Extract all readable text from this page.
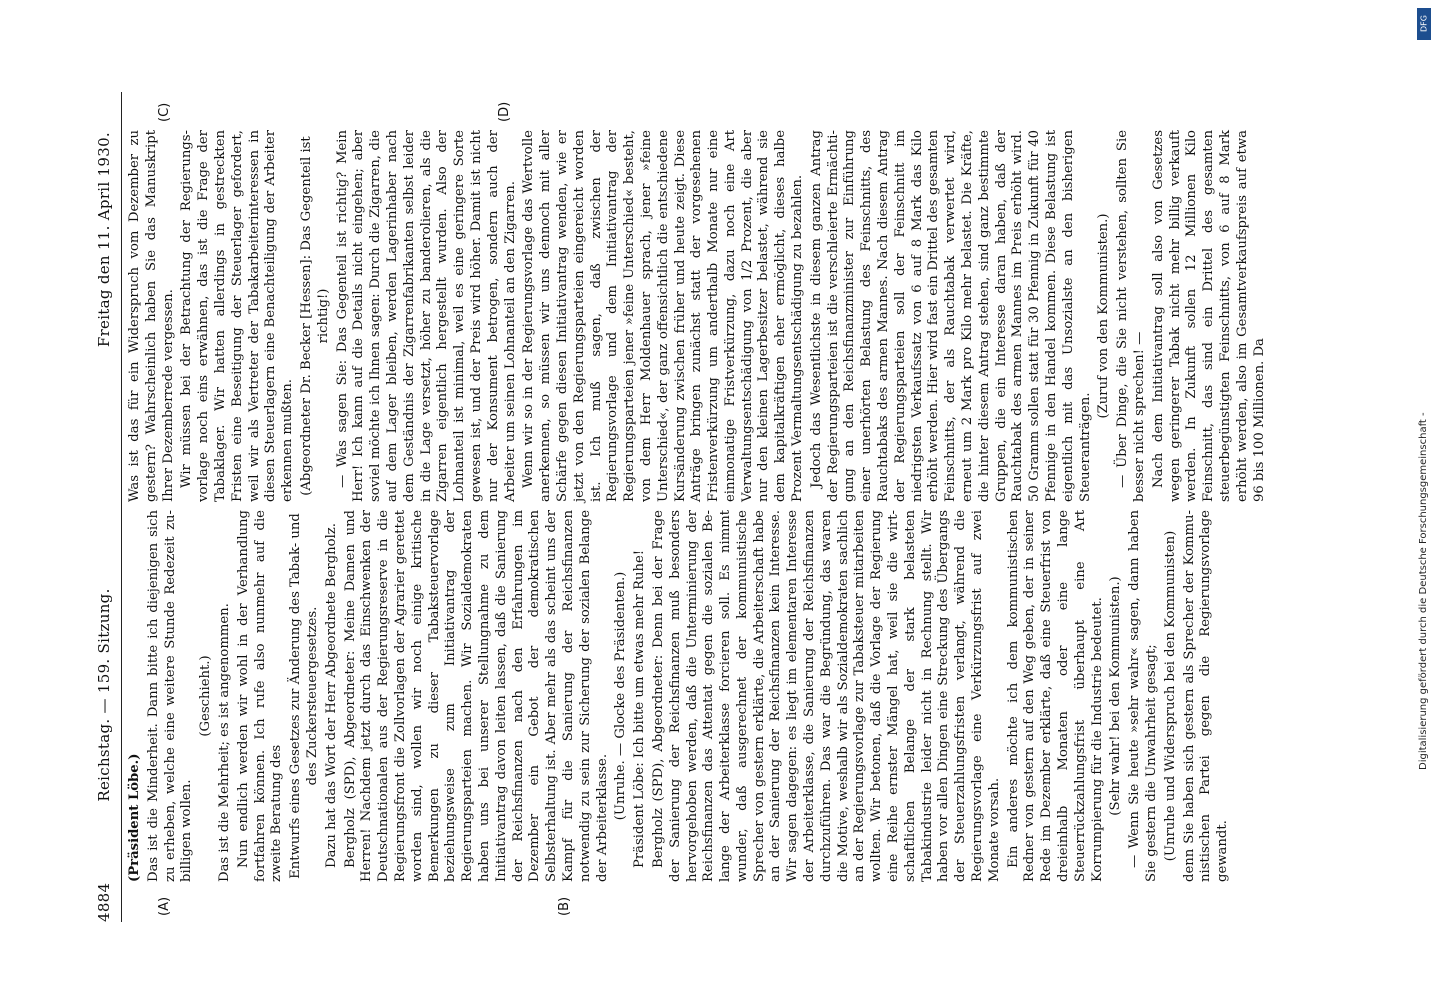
4884
Reichstag. — 159. Sitzung.
Freitag den 11. April 1930.

(Präsident Löbe.) Das ist die Minderheit. Dann bitte ich diejenigen sich zu erheben, welche eine weitere Stunde Redezeit zubilligen wollen.

(Geschieht.) Das ist die Mehrheit; es ist angenommen. Nun endlich werden wir wohl in der Verhandlung fortfahren können. Ich rufe also nunmehr auf die zweite Beratung des Entwurfs eines Gesetzes zur Änderung des Tabak- und des Zuckersteuergesetzes. Dazu hat das Wort der Herr Abgeordnete Bergholz. Bergholz (SPD), Abgeordneter: Meine Damen und Herren! Nachdem jetzt durch das Einschwenken der Deutschnationalen aus der Regierungsreserve in die Regierungsfront die Zollvorlagen der Agrarier gerettet worden sind, wollen wir noch einige kritische Bemerkungen zu dieser Tabaksteuervorlage beziehungsweise zum Initiativantrag der Regierungsparteien machen. Wir Sozialdemokraten haben uns bei unserer Stellungnahme zu dem Initiativantrag davon leiten lassen, daß die Sanierung der Reichsfinanzen nach den Erfahrungen im Dezember ein Gebot der demokratischen Selbsterhaltung ist. Aber mehr als das scheint uns der Kampf für die Sanierung der Reichsfinanzen notwendig zu sein zur Sicherung der sozialen Belange der Arbeiterklasse. (Unruhe. — Glocke des Präsidenten.) Präsident Löbe: Ich bitte um etwas mehr Ruhe! Bergholz (SPD), Abgeordneter: Denn bei der Frage der Sanierung der Reichsfinanzen muß besonders hervorgehoben werden, daß die Unterminierung der Reichsfinanzen das Attentat gegen die sozialen Belange der Arbeiterklasse forcieren soll. Es nimmt wunder, daß ausgerechnet der kommunistische Sprecher von gestern erklärte, die Arbeiterschaft habe an der Sanierung der Reichsfinanzen kein Interesse. Wir sagen dagegen: es liegt im elementaren Interesse der Arbeiterklasse, die Sanierung der Reichsfinanzen durchzuführen. Das war die Begründung, das waren die Motive, weshalb wir als Sozialdemokraten sachlich an der Regierungsvorlage zur Tabaksteuer mitarbeiten wollten. Wir betonen, daß die Vorlage der Regierung eine Reihe ernster Mängel hat, weil sie die wirtschaftlichen Belange der stark belasteten Tabakindustrie leider nicht in Rechnung stellt. Wir haben vor allen Dingen eine Streckung des Übergangs der Steuerzahlungsfristen verlangt, während die Regierungsvorlage eine Verkürzungsfrist auf zwei Monate vorsah. Ein anderes möchte ich dem kommunistischen Redner von gestern auf den Weg geben, der in seiner Rede im Dezember erklärte, daß eine Steuerfrist von dreieinhalb Monaten oder eine lange Steuerrückzahlungsfrist überhaupt eine Art Korrumpierung für die Industrie bedeutet. (Sehr wahr! bei den Kommunisten.) — Wenn Sie heute »sehr wahr« sagen, dann haben Sie gestern die Unwahrheit gesagt; (Unruhe und Widerspruch bei den Kommunisten) denn Sie haben sich gestern als Sprecher der Kommunistischen Partei gegen die Regierungsvorlage gewandt.

Was ist das für ein Widerspruch vom Dezember zu gestern? Wahrscheinlich haben Sie das Manuskript Ihrer Dezemberrede vergessen. Wir müssen bei der Betrachtung der Regierungsvorlage noch eins erwähnen, das ist die Frage der Tabaklager. Wir hatten allerdings in gestreckten Fristen eine Beseitigung der Steuerlager gefordert, weil wir als Vertreter der Tabakarbeiterinteressen in diesen Steuerlagern eine Benachteiligung der Arbeiter erkennen mußten. (Abgeordneter Dr. Becker [Hessen]: Das Gegenteil ist richtig!) — Was sagen Sie: Das Gegenteil ist richtig? Mein Herr! Ich kann auf die Details nicht eingehen; aber soviel möchte ich Ihnen sagen: Durch die Zigarren, die auf dem Lager bleiben, werden Lagerinhaber nach dem Geständnis der Zigarrenfabrikanten selbst leider in die Lage versetzt, höher zu banderolieren, als die Zigarren eigentlich hergestellt wurden. Also der Lohnanteil ist minimal, weil es eine geringere Sorte gewesen ist, und der Preis wird höher. Damit ist nicht nur der Konsument betrogen, sondern auch der Arbeiter um seinen Lohnanteil an den Zigarren. Wenn wir so in der Regierungsvorlage das Wertvolle anerkennen, so müssen wir uns dennoch mit aller Schärfe gegen diesen Initiativantrag wenden, wie er jetzt von den Regierungsparteien eingereicht worden ist. Ich muß sagen, daß zwischen der Regierungsvorlage und dem Initiativantrag der Regierungsparteien jener »feine Unterschied« besteht, von dem Herr Moldenhauer sprach, jener »feine Unterschied«, der ganz offensichtlich die entschiedene Kursänderung zwischen früher und heute zeigt. Diese Anträge bringen zunächst statt der vorgesehenen Fristenverkürzung um anderthalb Monate nur eine einmonatige Fristverkürzung, dazu noch eine Art Verwaltungsentschädigung von 1/2 Prozent, die aber nur den kleinen Lagerbesitzer belastet, während sie dem kapitalkräftigen eher ermöglicht, dieses halbe Prozent Vermaltungsentschädigung zu bezahlen. Jedoch das Wesentlichste in diesem ganzen Antrag der Regierungsparteien ist die verschleierte Ermächtigung an den Reichsfinanzminister zur Einführung einer unerhörten Belastung des Feinschnitts, des Rauchtabaks des armen Mannes. Nach diesem Antrag der Regierungsparteien soll der Feinschnitt im niedrigsten Verkaufssatz von 6 auf 8 Mark das Kilo erhöht werden. Hier wird fast ein Drittel des gesamten Feinschnitts, der als Rauchtabak verwertet wird, erneut um 2 Mark pro Kilo mehr belastet. Die Kräfte, die hinter diesem Antrag stehen, sind ganz bestimmte Gruppen, die ein Interesse daran haben, daß der Rauchtabak des armen Mannes im Preis erhöht wird. 50 Gramm sollen statt für 30 Pfennig in Zukunft für 40 Pfennige in den Handel kommen. Diese Belastung ist eigentlich mit das Unsozialste an den bisherigen Steueranträgen.

(Zuruf von den Kommunisten.) — Über Dinge, die Sie nicht verstehen, sollten Sie besser nicht sprechen! — Nach dem Initiativantrag soll also von Gesetzes wegen geringerer Tabak nicht mehr billig verkauft werden. In Zukunft sollen 12 Millionen Kilo Feinschnitt, das sind ein Drittel des gesamten steuerbegünstigten Feinschnitts, von 6 auf 8 Mark erhöht werden, also im Gesamtverkaufspreis auf etwa 96 bis 100 Millionen. Da

(A)	(B)
(C)	(D)
Digitalisierung gefördert durch die Deutsche Forschungsgemeinschaft -
DFG
